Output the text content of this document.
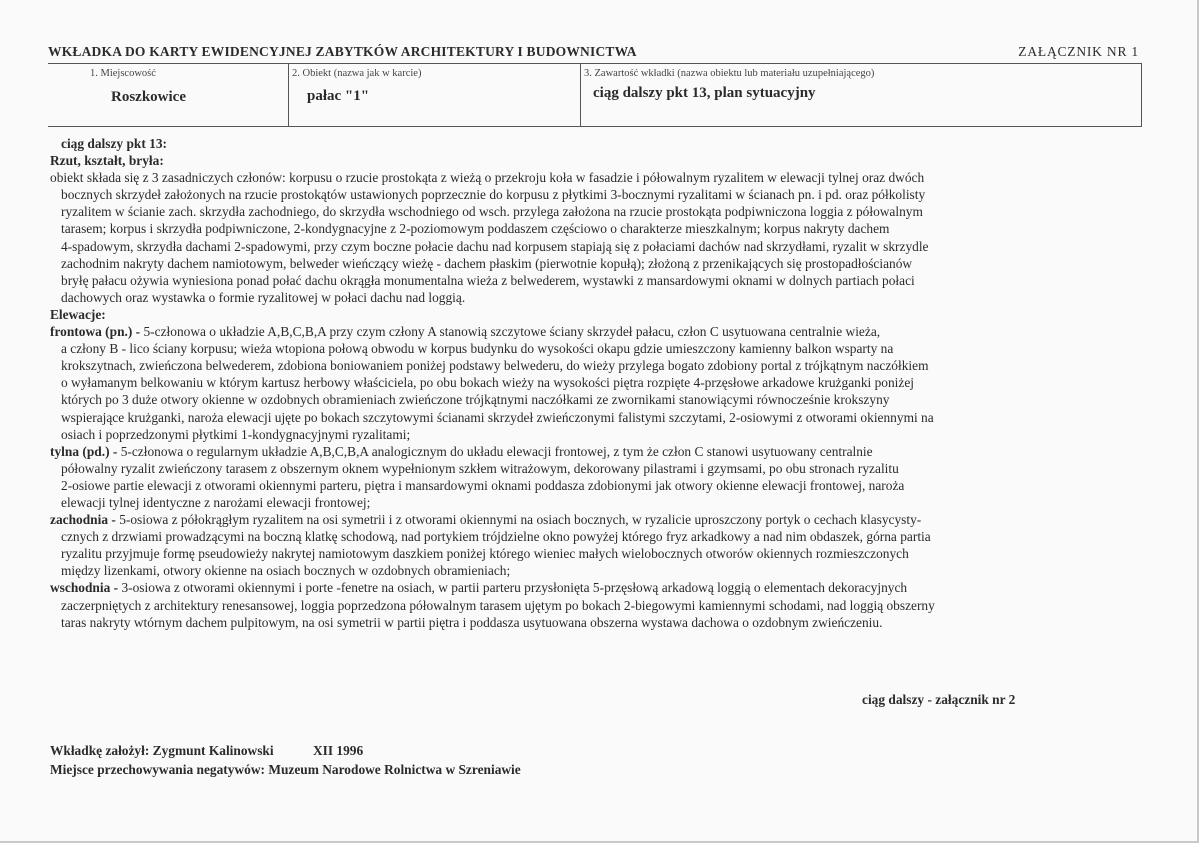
WKŁADKA DO KARTY EWIDENCYJNEJ ZABYTKÓW ARCHITEKTURY I BUDOWNICTWA	ZAŁĄCZNIK NR 1
1. Miejscowość
Roszkowice
2. Obiekt (nazwa jak w karcie)
pałac "1"
3. Zawartość wkładki (nazwa obiektu lub materiału uzupełniającego)
ciąg dalszy pkt 13, plan sytuacyjny

ciąg dalszy pkt 13:

Rzut, kształt, bryła:

obiekt składa się z 3 zasadniczych członów: korpusu o rzucie prostokąta z wieżą o przekroju koła w fasadzie i półowalnym ryzalitem w elewacji tylnej oraz dwóch
bocznych skrzydeł założonych na rzucie prostokątów ustawionych poprzecznie do korpusu z płytkimi 3-bocznymi ryzalitami w ścianach pn. i pd. oraz półkolisty
ryzalitem w ścianie zach. skrzydła zachodniego, do skrzydła wschodniego od wsch. przylega założona na rzucie prostokąta podpiwniczona loggia z półowalnym
tarasem; korpus i skrzydła podpiwniczone, 2-kondygnacyjne z 2-poziomowym poddaszem częściowo o charakterze mieszkalnym; korpus nakryty dachem
4-spadowym, skrzydła dachami 2-spadowymi, przy czym boczne połacie dachu nad korpusem stapiają się z połaciami dachów nad skrzydłami, ryzalit w skrzydle
zachodnim nakryty dachem namiotowym, belweder wieńczący wieżę - dachem płaskim (pierwotnie kopułą); złożoną z przenikających się prostopadłościanów
bryłę pałacu ożywia wyniesiona ponad połać dachu okrągła monumentalna wieża z belwederem, wystawki z mansardowymi oknami w dolnych partiach połaci
dachowych oraz wystawka o formie ryzalitowej w połaci dachu nad loggią.

Elewacje:

frontowa (pn.) - 5-członowa o układzie A,B,C,B,A przy czym człony A stanowią szczytowe ściany skrzydeł pałacu, człon C usytuowana centralnie wieża,
a człony B - lico ściany korpusu; wieża wtopiona połową obwodu w korpus budynku do wysokości okapu gdzie umieszczony kamienny balkon wsparty na
krokszytnach, zwieńczona belwederem, zdobiona boniowaniem poniżej podstawy belwederu, do wieży przylega bogato zdobiony portal z trójkątnym naczółkiem
o wyłamanym belkowaniu w którym kartusz herbowy właściciela, po obu bokach wieży na wysokości piętra rozpięte 4-przęsłowe arkadowe krużganki poniżej
których po 3 duże otwory okienne w ozdobnych obramieniach zwieńczone trójkątnymi naczółkami ze zwornikami stanowiącymi równocześnie krokszyny
wspierające krużganki, naroża elewacji ujęte po bokach szczytowymi ścianami skrzydeł zwieńczonymi falistymi szczytami, 2-osiowymi z otworami okiennymi na
osiach i poprzedzonymi płytkimi 1-kondygnacyjnymi ryzalitami;
tylna (pd.) - 5-członowa o regularnym układzie A,B,C,B,A analogicznym do układu elewacji frontowej, z tym że człon C stanowi usytuowany centralnie
półowalny ryzalit zwieńczony tarasem z obszernym oknem wypełnionym szkłem witrażowym, dekorowany pilastrami i gzymsami, po obu stronach ryzalitu
2-osiowe partie elewacji z otworami okiennymi parteru, piętra i mansardowymi oknami poddasza zdobionymi jak otwory okienne elewacji frontowej, naroża
elewacji tylnej identyczne z narożami elewacji frontowej;
zachodnia - 5-osiowa z półokrągłym ryzalitem na osi symetrii i z otworami okiennymi na osiach bocznych, w ryzalicie uproszczony portyk o cechach klasycysty-
cznych z drzwiami prowadzącymi na boczną klatkę schodową, nad portykiem trójdzielne okno powyżej którego fryz arkadkowy a nad nim obdaszek, górna partia
ryzalitu przyjmuje formę pseudowieży nakrytej namiotowym daszkiem poniżej którego wieniec małych wielobocznych otworów okiennych rozmieszczonych
między lizenkami, otwory okienne na osiach bocznych w ozdobnych obramieniach;
wschodnia - 3-osiowa z otworami okiennymi i porte -fenetre na osiach, w partii parteru przysłonięta 5-przęsłową arkadową loggią o elementach dekoracyjnych
zaczerpniętych z architektury renesansowej, loggia poprzedzona półowalnym tarasem ujętym po bokach 2-biegowymi kamiennymi schodami, nad loggią obszerny
taras nakryty wtórnym dachem pulpitowym, na osi symetrii w partii piętra i poddasza usytuowana obszerna wystawa dachowa o ozdobnym zwieńczeniu.
ciąg dalszy - załącznik nr 2
Wkładkę założył: Zygmunt Kalinowski	XII 1996
Miejsce przechowywania negatywów: Muzeum Narodowe Rolnictwa w Szreniawie
